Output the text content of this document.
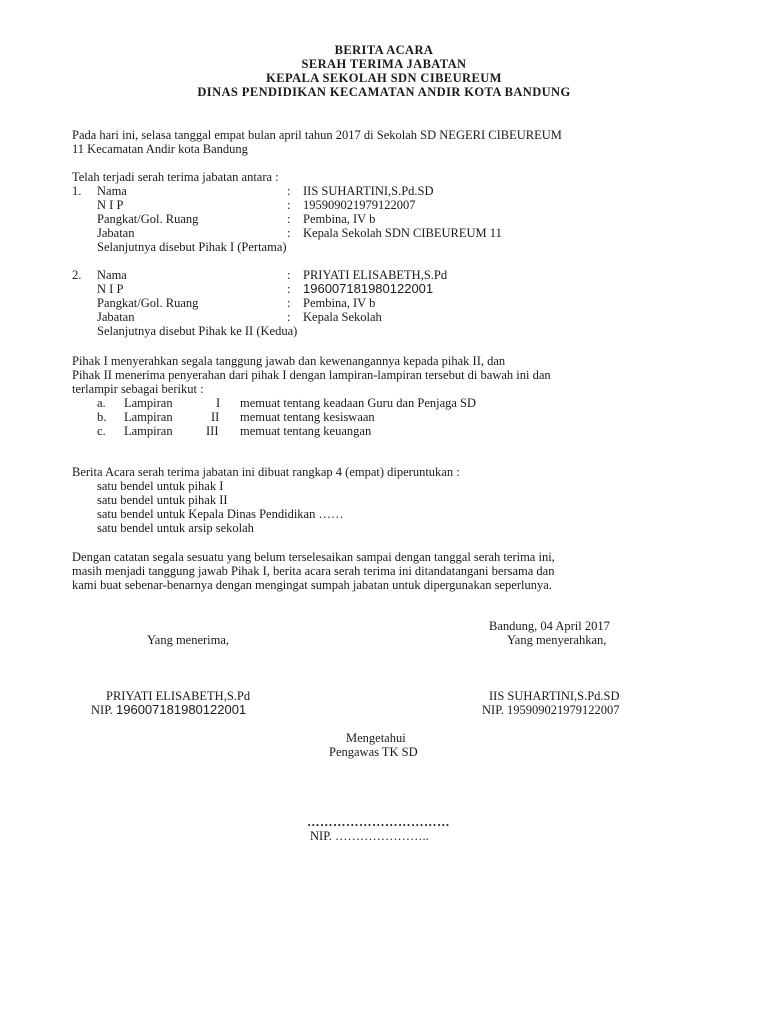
BERITA ACARA
SERAH TERIMA JABATAN
KEPALA SEKOLAH SDN CIBEUREUM
DINAS PENDIDIKAN KECAMATAN ANDIR KOTA BANDUNG
Pada hari ini, selasa tanggal empat bulan april tahun 2017 di Sekolah SD NEGERI CIBEUREUM
11 Kecamatan Andir kota Bandung
Telah terjadi serah terima jabatan antara :
1. Nama	: IIS SUHARTINI,S.Pd.SD
N I P	: 195909021979122007
Pangkat/Gol. Ruang	: Pembina, IV b
Jabatan	: Kepala Sekolah SDN CIBEUREUM 11
Selanjutnya disebut Pihak I (Pertama)
2. Nama	: PRIYATI ELISABETH,S.Pd
N I P	: 196007181980122001
Pangkat/Gol. Ruang	: Pembina, IV b
Jabatan	: Kepala Sekolah
Selanjutnya disebut Pihak ke II (Kedua)
Pihak I menyerahkan segala tanggung jawab dan kewenangannya kepada pihak II, dan
Pihak II menerima penyerahan dari pihak I dengan lampiran-lampiran tersebut di bawah ini dan
terlampir sebagai berikut :
a. Lampiran	I memuat tentang keadaan Guru dan Penjaga SD
b. Lampiran	II memuat tentang kesiswaan
c. Lampiran	III memuat tentang keuangan
Berita Acara serah terima jabatan ini dibuat rangkap 4 (empat) diperuntukan :
satu bendel untuk pihak I
satu bendel untuk pihak II
satu bendel untuk Kepala Dinas Pendidikan ……
satu bendel untuk arsip sekolah
Dengan catatan segala sesuatu yang belum terselesaikan sampai dengan tanggal serah terima ini,
masih menjadi tanggung jawab Pihak I, berita acara serah terima ini ditandatangani bersama dan
kami buat sebenar-benarnya dengan mengingat sumpah jabatan untuk dipergunakan seperlunya.
Bandung, 04 April 2017
Yang menerima,	Yang menyerahkan,
PRIYATI ELISABETH,S.Pd
NIP. 196007181980122001
IIS SUHARTINI,S.Pd.SD
NIP. 195909021979122007
Mengetahui
Pengawas TK SD
……………………………
NIP. …………………..
